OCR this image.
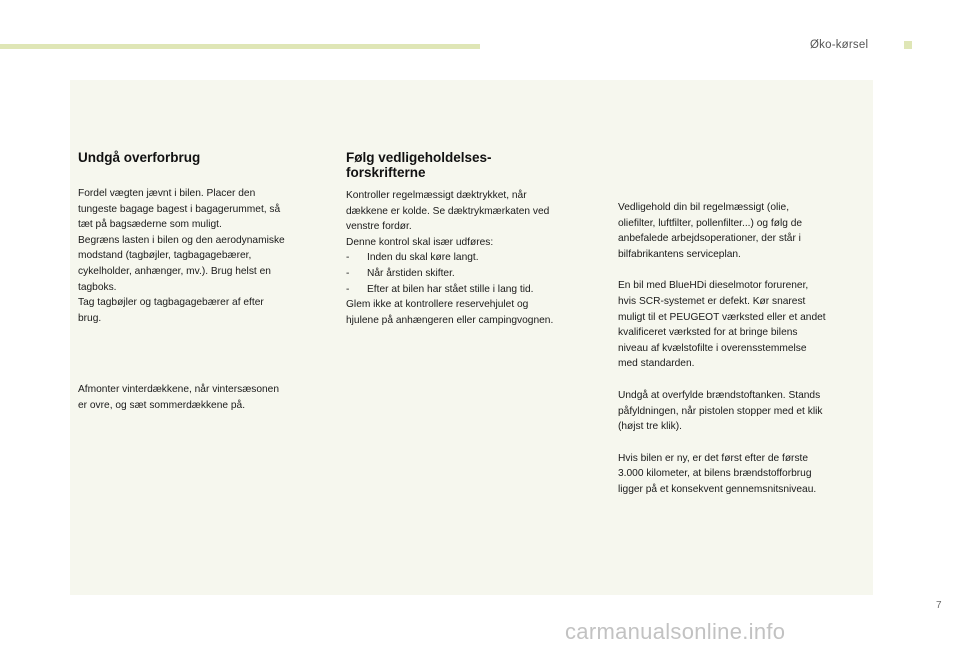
Øko-kørsel
Undgå overforbrug

Fordel vægten jævnt i bilen. Placer den
tungeste bagage bagest i bagagerummet, så
tæt på bagsæderne som muligt.
Begræns lasten i bilen og den aerodynamiske
modstand (tagbøjler, tagbagagebærer,
cykelholder, anhænger, mv.). Brug helst en
tagboks.
Tag tagbøjler og tagbagagebærer af efter
brug.

Afmonter vinterdækkene, når vintersæsonen
er ovre, og sæt sommerdækkene på.

Følg vedligeholdelses-
forskrifterne

Kontroller regelmæssigt dæktrykket, når
dækkene er kolde. Se dæktrykmærkaten ved
venstre fordør.
Denne kontrol skal især udføres:

-	Inden du skal køre langt.

-	Når årstiden skifter.

-	Efter at bilen har stået stille i lang tid.

Glem ikke at kontrollere reservehjulet og
hjulene på anhængeren eller campingvognen.

Vedligehold din bil regelmæssigt (olie,
oliefilter, luftfilter, pollenfilter...) og følg de
anbefalede arbejdsoperationer, der står i
bilfabrikantens serviceplan.

En bil med BlueHDi dieselmotor forurener,
hvis SCR-systemet er defekt. Kør snarest
muligt til et PEUGEOT værksted eller et andet
kvalificeret værksted for at bringe bilens
niveau af kvælstofilte i overensstemmelse
med standarden.

Undgå at overfylde brændstoftanken. Stands
påfyldningen, når pistolen stopper med et klik
(højst tre klik).

Hvis bilen er ny, er det først efter de første
3.000 kilometer, at bilens brændstofforbrug
ligger på et konsekvent gennemsnitsniveau.

7
carmanualsonline.info
